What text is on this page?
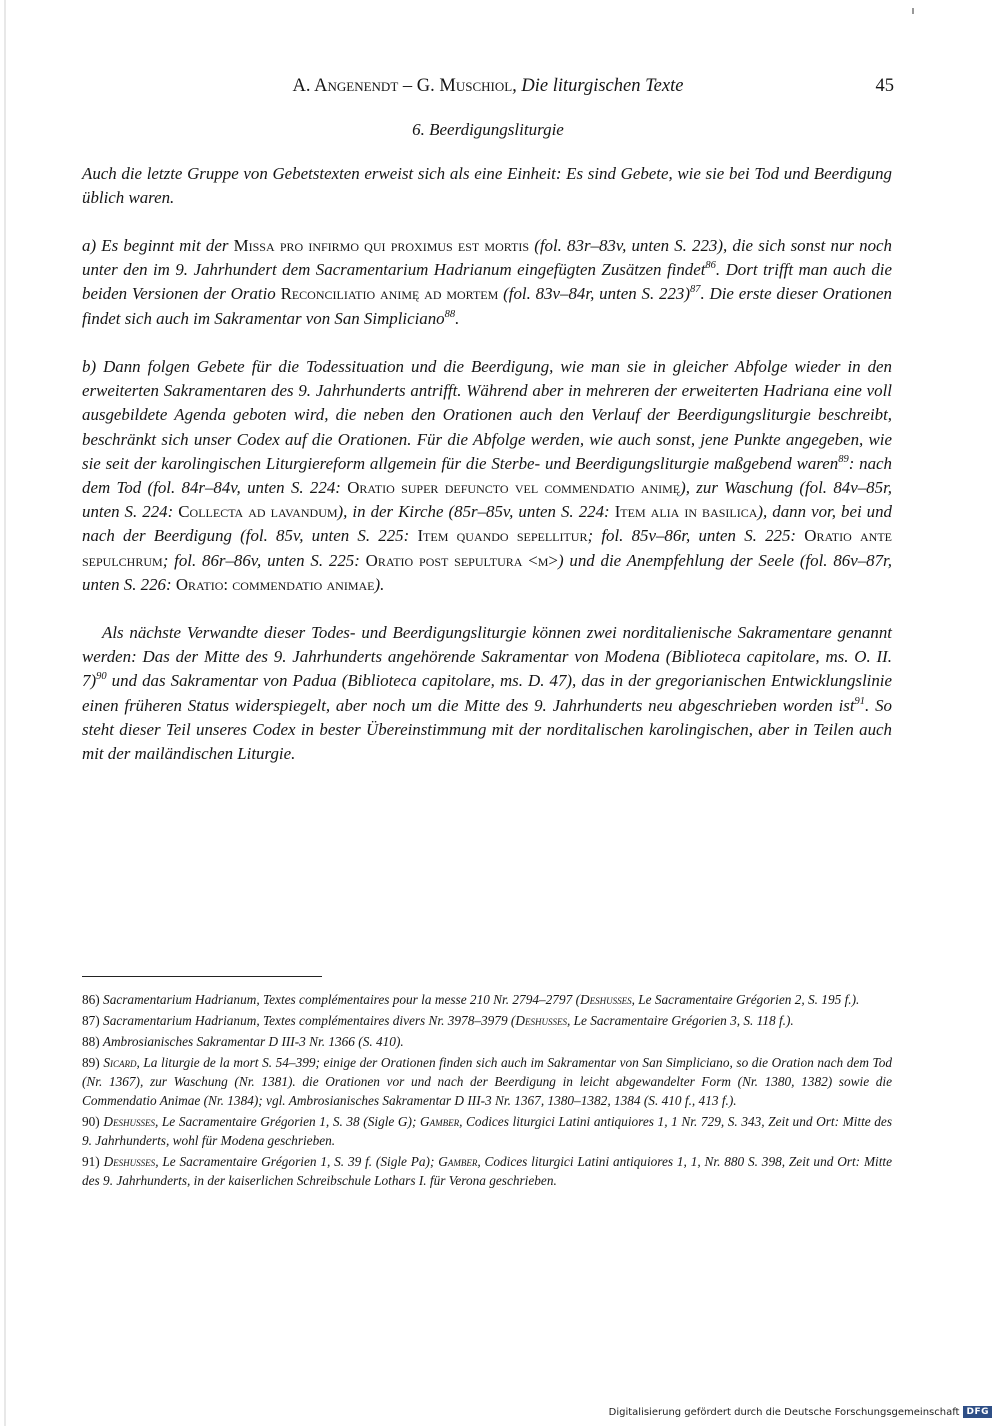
A. Angenendt – G. Muschiol, Die liturgischen Texte	45
6. Beerdigungsliturgie

Auch die letzte Gruppe von Gebetstexten erweist sich als eine Einheit: Es sind Gebete, wie sie bei Tod und Beerdigung üblich waren.

a) Es beginnt mit der Missa pro infirmo qui proximus est mortis (fol. 83r–83v, unten S. 223), die sich sonst nur noch unter den im 9. Jahrhundert dem Sacramentarium Hadrianum eingefügten Zusätzen findet$^{86}$. Dort trifft man auch die beiden Versionen der Oratio Reconciliatio animę ad mortem (fol. 83v–84r, unten S. 223)$^{87}$. Die erste dieser Orationen findet sich auch im Sakramentar von San Simpliciano$^{88}$.

b) Dann folgen Gebete für die Todessituation und die Beerdigung, wie man sie in gleicher Abfolge wieder in den erweiterten Sakramentaren des 9. Jahrhunderts antrifft. Während aber in mehreren der erweiterten Hadriana eine voll ausgebildete Agenda geboten wird, die neben den Orationen auch den Verlauf der Beerdigungsliturgie beschreibt, beschränkt sich unser Codex auf die Orationen. Für die Abfolge werden, wie auch sonst, jene Punkte angegeben, wie sie seit der karolingischen Liturgiereform allgemein für die Sterbe- und Beerdigungsliturgie maßgebend waren$^{89}$: nach dem Tod (fol. 84r–84v, unten S. 224: Oratio super defuncto vel commendatio animę), zur Waschung (fol. 84v–85r, unten S. 224: Collecta ad lavandum), in der Kirche (85r–85v, unten S. 224: Item alia in basilica), dann vor, bei und nach der Beerdigung (fol. 85v, unten S. 225: Item quando sepellitur; fol. 85v–86r, unten S. 225: Oratio ante sepulchrum; fol. 86r–86v, unten S. 225: Oratio post sepultura <m>) und die Anempfehlung der Seele (fol. 86v–87r, unten S. 226: Oratio: commendatio animae).

Als nächste Verwandte dieser Todes- und Beerdigungsliturgie können zwei norditalienische Sakramentare genannt werden: Das der Mitte des 9. Jahrhunderts angehörende Sakramentar von Modena (Biblioteca capitolare, ms. O. II. 7)$^{90}$ und das Sakramentar von Padua (Biblioteca capitolare, ms. D. 47), das in der gregorianischen Entwicklungslinie einen früheren Status widerspiegelt, aber noch um die Mitte des 9. Jahrhunderts neu abgeschrieben worden ist$^{91}$. So steht dieser Teil unseres Codex in bester Übereinstimmung mit der norditalischen karolingischen, aber in Teilen auch mit der mailändischen Liturgie.

86) Sacramentarium Hadrianum, Textes complémentaires pour la messe 210 Nr. 2794–2797 (Deshusses, Le Sacramentaire Grégorien 2, S. 195 f.).
87) Sacramentarium Hadrianum, Textes complémentaires divers Nr. 3978–3979 (Deshusses, Le Sacramentaire Grégorien 3, S. 118 f.).
88) Ambrosianisches Sakramentar D III-3 Nr. 1366 (S. 410).
89) Sicard, La liturgie de la mort S. 54–399; einige der Orationen finden sich auch im Sakramentar von San Simpliciano, so die Oration nach dem Tod (Nr. 1367), zur Waschung (Nr. 1381). die Orationen vor und nach der Beerdigung in leicht abgewandelter Form (Nr. 1380, 1382) sowie die Commendatio Animae (Nr. 1384); vgl. Ambrosianisches Sakramentar D III-3 Nr. 1367, 1380–1382, 1384 (S. 410 f., 413 f.).
90) Deshusses, Le Sacramentaire Grégorien 1, S. 38 (Sigle G); Gamber, Codices liturgici Latini antiquiores 1, 1 Nr. 729, S. 343, Zeit und Ort: Mitte des 9. Jahrhunderts, wohl für Modena geschrieben.
91) Deshusses, Le Sacramentaire Grégorien 1, S. 39 f. (Sigle Pa); Gamber, Codices liturgici Latini antiquiores 1, 1, Nr. 880 S. 398, Zeit und Ort: Mitte des 9. Jahrhunderts, in der kaiserlichen Schreibschule Lothars I. für Verona geschrieben.
Digitalisierung gefördert durch die Deutsche Forschungsgemeinschaft DFG
